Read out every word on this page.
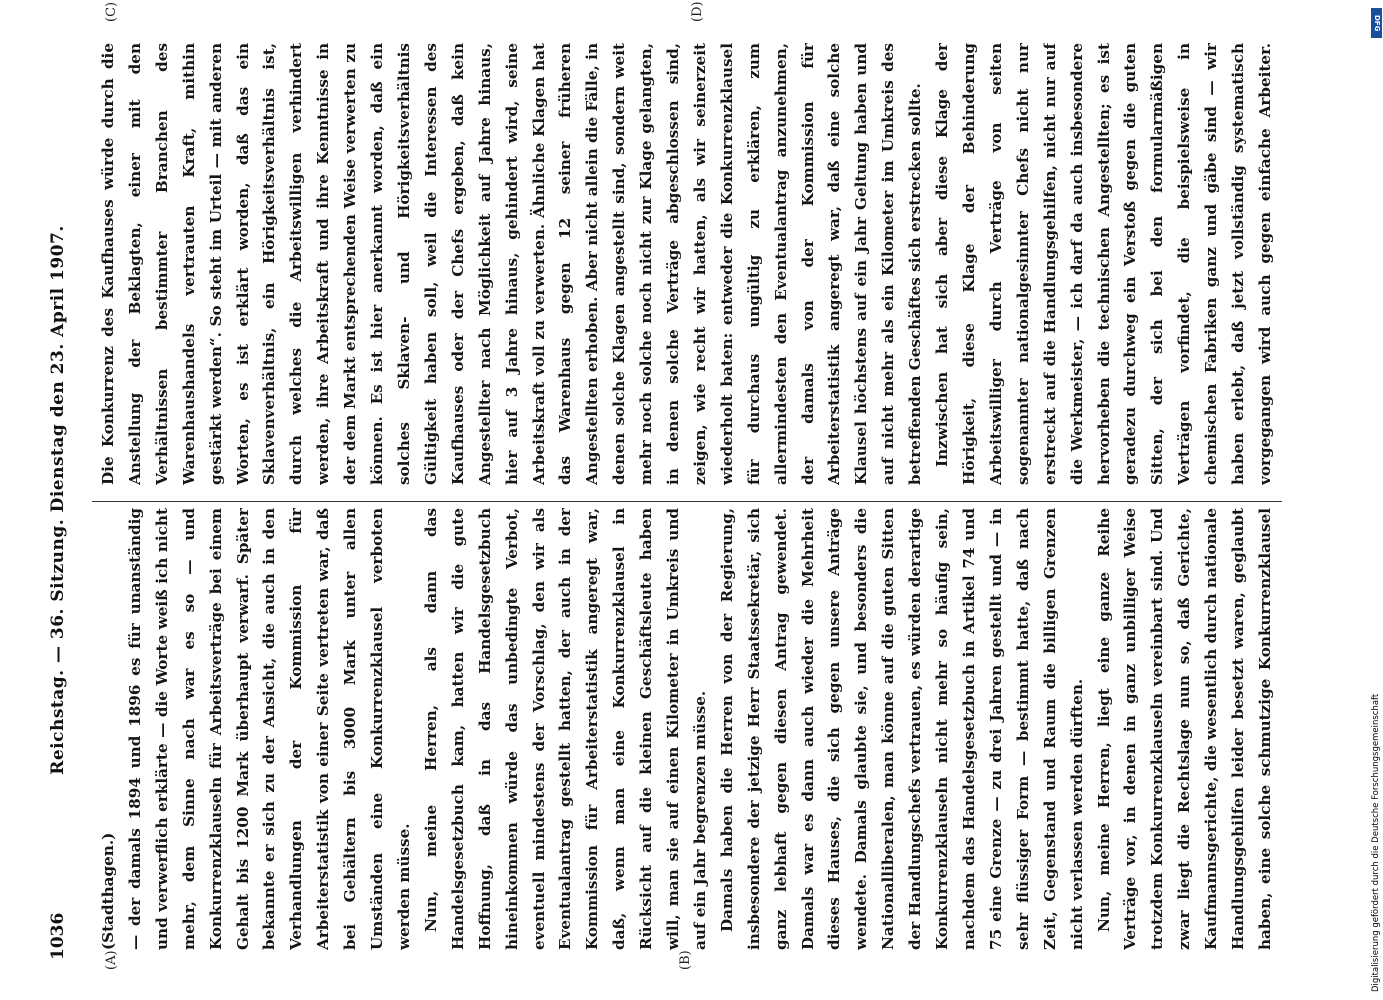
1036
Reichstag. — 36. Sitzung. Dienstag den 23. April 1907.
(A)	(B)
(C)	(D)
(Stadthagen.) — der damals 1894 und 1896 es für unanständig und verwerflich erklärte — die Worte weiß ich nicht mehr, dem Sinne nach war es so — und Konkurrenzklauseln für Arbeitsverträge bei einem Gehalt bis 1200 Mark überhaupt verwarf. Später bekannte er sich zu der Ansicht, die auch in den Verhandlungen der Kommission für Arbeiterstatistik von einer Seite vertreten war, daß bei Gehältern bis 3000 Mark unter allen Umständen eine Konkurrenzklausel verboten werden müsse. Nun, meine Herren, als dann das Handelsgesetzbuch kam, hatten wir die gute Hoffnung, daß in das Handelsgesetzbuch hineinkommen würde das unbedingte Verbot, eventuell mindestens der Vorschlag, den wir als Eventualantrag gestellt hatten, der auch in der Kommission für Arbeiterstatistik angeregt war, daß, wenn man eine Konkurrenzklausel in Rücksicht auf die kleinen Geschäftsleute haben will, man sie auf einen Kilometer in Umkreis und auf ein Jahr begrenzen müsse. Damals haben die Herren von der Regierung, insbesondere der jetzige Herr Staatssekretär, sich ganz lebhaft gegen diesen Antrag gewendet. Damals war es dann auch wieder die Mehrheit dieses Hauses, die sich gegen unsere Anträge wendete. Damals glaubte sie, und besonders die Nationalliberalen, man könne auf die guten Sitten der Handlungschefs vertrauen, es würden derartige Konkurrenzklauseln nicht mehr so häufig sein, nachdem das Handelsgesetzbuch in Artikel 74 und 75 eine Grenze — zu drei Jahren gestellt und — in sehr flüssiger Form — bestimmt hatte, daß nach Zeit, Gegenstand und Raum die billigen Grenzen nicht verlassen werden dürften. Nun, meine Herren, liegt eine ganze Reihe Verträge vor, in denen in ganz unbilliger Weise trotzdem Konkurrenzklauseln vereinbart sind. Und zwar liegt die Rechtslage nun so, daß Gerichte, Kaufmannsgerichte, die wesentlich durch nationale Handlungsgehilfen leider besetzt waren, geglaubt haben, eine solche schmutzige Konkurrenzklausel

Die Konkurrenz des Kaufhauses würde durch die Anstellung der Beklagten, einer mit den Verhältnissen bestimmter Branchen des Warenhaushandels vertrauten Kraft, mithin gestärkt werden“. So steht im Urteil — mit anderen Worten, es ist erklärt worden, daß das ein Sklavenverhältnis, ein Hörigkeitsverhältnis ist, durch welches die Arbeitswilligen verhindert werden, ihre Arbeitskraft und ihre Kenntnisse in der dem Markt entsprechenden Weise verwerten zu können. Es ist hier anerkannt worden, daß ein solches Sklaven- und Hörigkeitsverhältnis Gültigkeit haben soll, weil die Interessen des Kaufhauses oder der Chefs ergeben, daß kein Angestellter nach Möglichkeit auf Jahre hinaus, hier auf 3 Jahre hinaus, gehindert wird, seine Arbeitskraft voll zu verwerten. Ähnliche Klagen hat das Warenhaus gegen 12 seiner früheren Angestellten erhoben. Aber nicht allein die Fälle, in denen solche Klagen angestellt sind, sondern weit mehr noch solche noch nicht zur Klage gelangten, in denen solche Verträge abgeschlossen sind, zeigen, wie recht wir hatten, als wir seinerzeit wiederholt baten: entweder die Konkurrenzklausel für durchaus ungültig zu erklären, zum allermindesten den Eventualantrag anzunehmen, der damals von der Kommission für Arbeiterstatistik angeregt war, daß eine solche Klausel höchstens auf ein Jahr Geltung haben und auf nicht mehr als ein Kilometer im Umkreis des betreffenden Geschäftes sich erstrecken sollte. Inzwischen hat sich aber diese Klage der Hörigkeit, diese Klage der Behinderung Arbeitswilliger durch Verträge von seiten sogenannter nationalgesinnter Chefs nicht nur erstreckt auf die Handlungsgehilfen, nicht nur auf die Werkmeister, — ich darf da auch insbesondere hervorheben die technischen Angestellten; es ist geradezu durchweg ein Verstoß gegen die guten Sitten, der sich bei den formularmäßigen Verträgen vorfindet, die beispielsweise in chemischen Fabriken ganz und gäbe sind — wir haben erlebt, daß jetzt vollständig systematisch vorgegangen wird auch gegen einfache Arbeiter.

DFG
Digitalisierung gefördert durch die Deutsche Forschungsgemeinschaft
